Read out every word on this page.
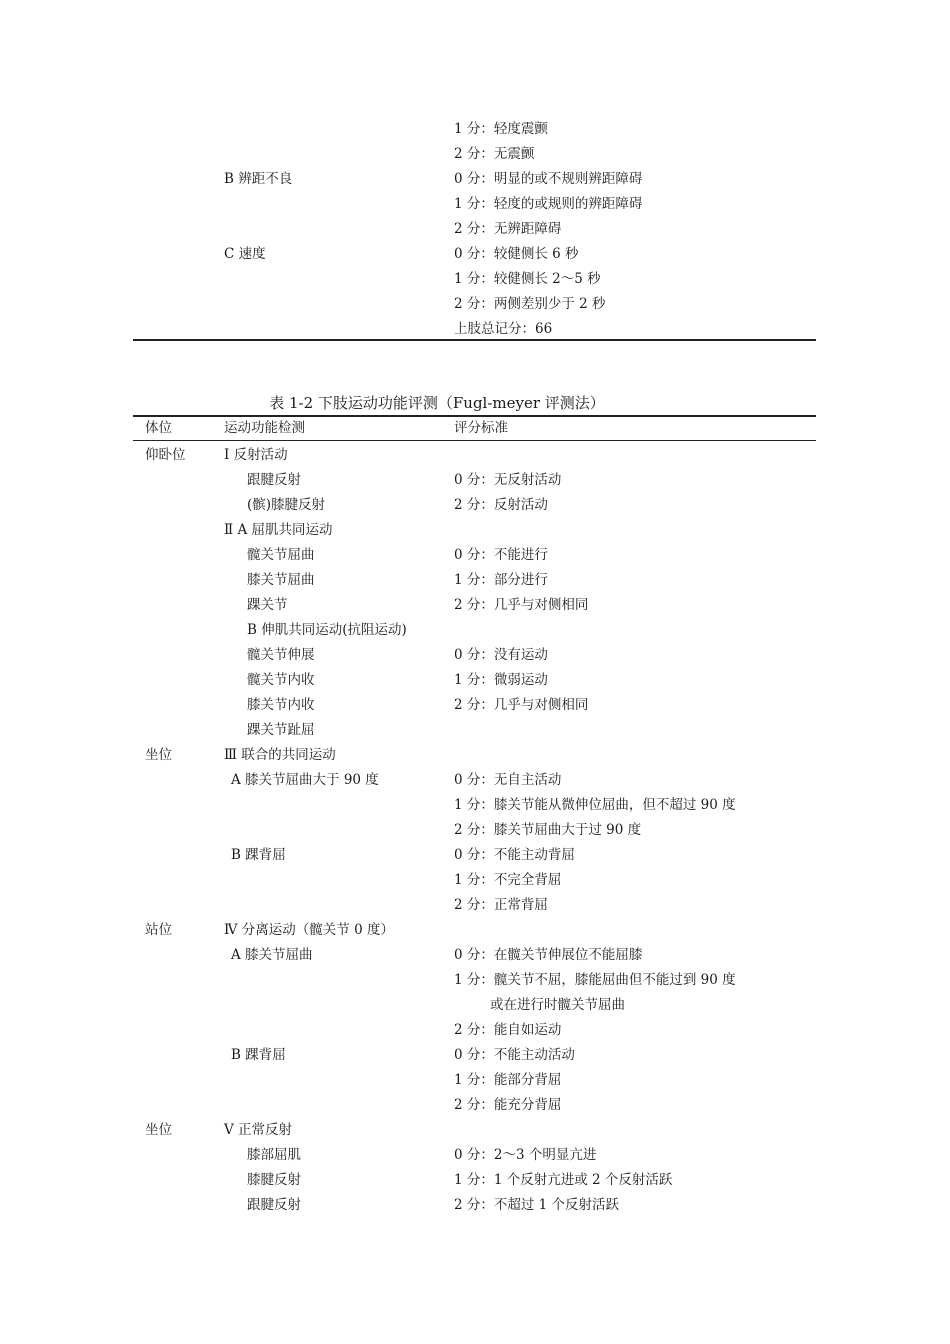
1 分：轻度震颤
2 分：无震颤
B 辨距不良	0 分：明显的或不规则辨距障碍
1 分：轻度的或规则的辨距障碍
2 分：无辨距障碍
C 速度	0 分：较健侧长 6 秒
1 分：较健侧长 2～5 秒
2 分：两侧差别少于 2 秒
上肢总记分：66
表 1-2 下肢运动功能评测（Fugl-meyer 评测法）
体位	运动功能检测	评分标准
仰卧位	Ⅰ 反射活动
跟腱反射	0 分：无反射活动
(髌)膝腱反射	2 分：反射活动
Ⅱ A 屈肌共同运动
髋关节屈曲	0 分：不能进行
膝关节屈曲	1 分：部分进行
踝关节	2 分：几乎与对侧相同
B 伸肌共同运动(抗阻运动)
髋关节伸展	0 分：没有运动
髋关节内收	1 分：微弱运动
膝关节内收	2 分：几乎与对侧相同
踝关节趾屈
坐位	Ⅲ 联合的共同运动
A 膝关节屈曲大于 90 度	0 分：无自主活动
1 分：膝关节能从微伸位屈曲，但不超过 90 度
2 分：膝关节屈曲大于过 90 度
B 踝背屈	0 分：不能主动背屈
1 分：不完全背屈
2 分：正常背屈
站位	Ⅳ 分离运动（髋关节 0 度）
A 膝关节屈曲	0 分：在髋关节伸展位不能屈膝
1 分：髋关节不屈，膝能屈曲但不能过到 90 度
或在进行时髋关节屈曲
2 分：能自如运动
B 踝背屈	0 分：不能主动活动
1 分：能部分背屈
2 分：能充分背屈
坐位	Ⅴ 正常反射
膝部屈肌	0 分：2～3 个明显亢进
膝腱反射	1 分：1 个反射亢进或 2 个反射活跃
跟腱反射	2 分：不超过 1 个反射活跃
